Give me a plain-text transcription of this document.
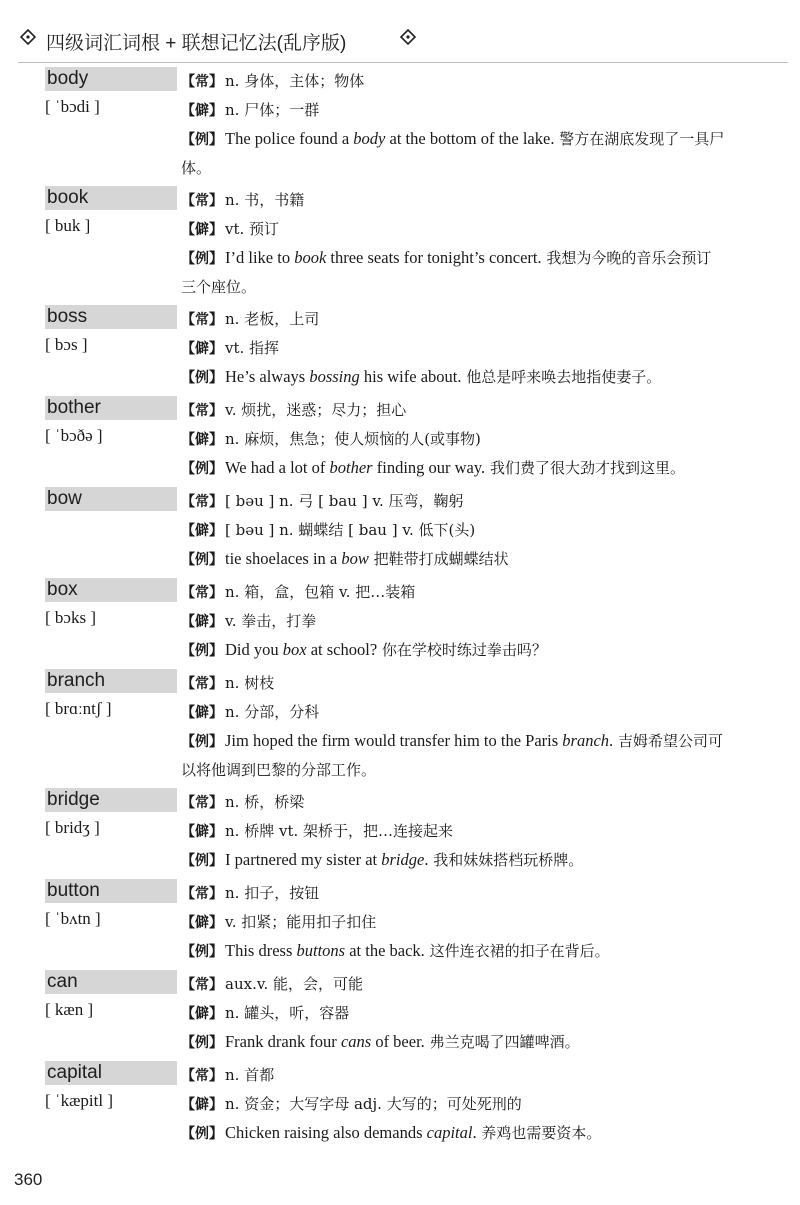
四级词汇词根 + 联想记忆法(乱序版)
body
[ ˈbɔdi ]
【常】 n. 身体，主体；物体
【僻】 n. 尸体；一群
【例】 The police found a body at the bottom of the lake. 警方在湖底发现了一具尸体。
book
[ buk ]
【常】 n. 书，书籍
【僻】 vt. 预订
【例】 I’d like to book three seats for tonight’s concert. 我想为今晚的音乐会预订三个座位。
boss
[ bɔs ]
【常】 n. 老板，上司
【僻】 vt. 指挥
【例】 He’s always bossing his wife about. 他总是呼来唤去地指使妻子。
bother
[ ˈbɔðə ]
【常】 v. 烦扰，迷惑；尽力；担心
【僻】 n. 麻烦，焦急；使人烦恼的人(或事物)
【例】 We had a lot of bother finding our way. 我们费了很大劲才找到这里。
bow	【常】 [ bəu ] n. 弓 [ bau ] v. 压弯，鞠躬
【僻】 [ bəu ] n. 蝴蝶结 [ bau ] v. 低下(头)
【例】 tie shoelaces in a bow 把鞋带打成蝴蝶结状
box
[ bɔks ]
【常】 n. 箱，盒，包箱 v. 把…装箱
【僻】 v. 拳击，打拳
【例】 Did you box at school? 你在学校时练过拳击吗？
branch
[ brɑːntʃ ]
【常】 n. 树枝
【僻】 n. 分部，分科
【例】 Jim hoped the firm would transfer him to the Paris branch. 吉姆希望公司可以将他调到巴黎的分部工作。
bridge
[ bridʒ ]
【常】 n. 桥，桥梁
【僻】 n. 桥牌 vt. 架桥于，把…连接起来
【例】 I partnered my sister at bridge. 我和妹妹搭档玩桥牌。
button
[ ˈbʌtn ]
【常】 n. 扣子，按钮
【僻】 v. 扣紧；能用扣子扣住
【例】 This dress buttons at the back. 这件连衣裙的扣子在背后。
can
[ kæn ]
【常】 aux.v. 能，会，可能
【僻】 n. 罐头，听，容器
【例】 Frank drank four cans of beer. 弗兰克喝了四罐啤酒。
capital
[ ˈkæpitl ]
【常】 n. 首都
【僻】 n. 资金；大写字母 adj. 大写的；可处死刑的
【例】 Chicken raising also demands capital. 养鸡也需要资本。
360
